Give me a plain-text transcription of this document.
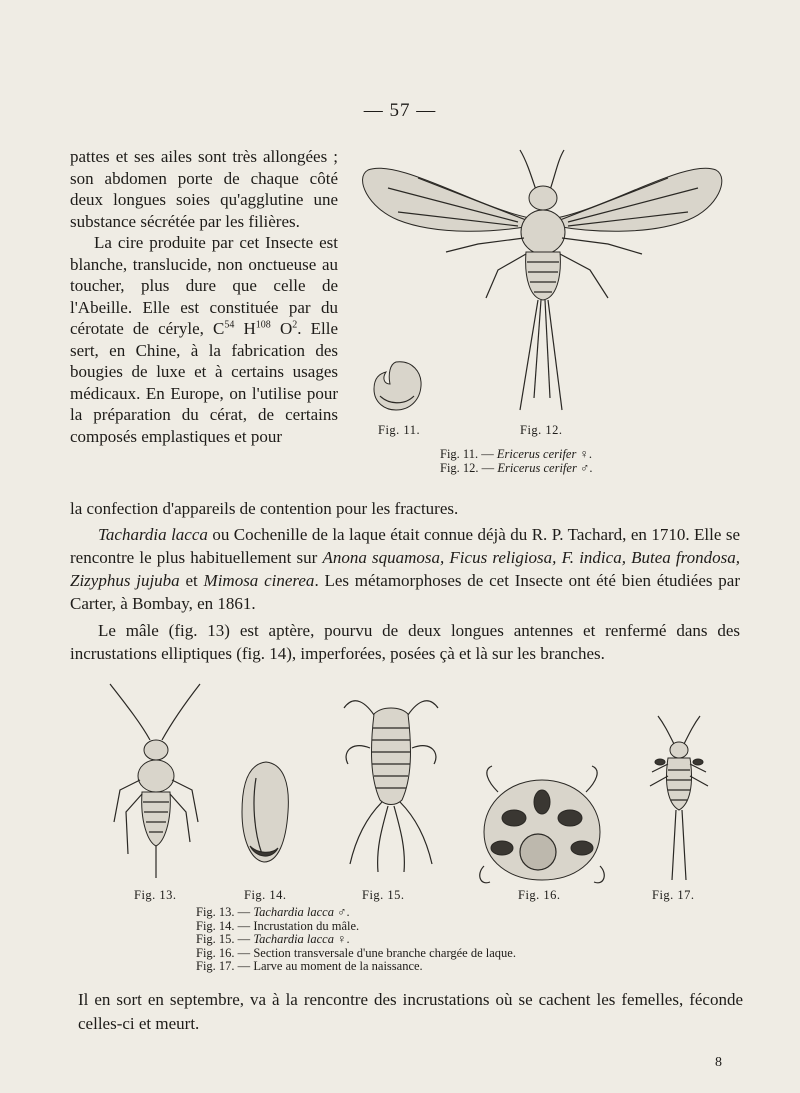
— 57 —

pattes et ses ailes sont très allongées ; son abdomen porte de chaque côté deux longues soies qu'agglutine une substance sécrétée par les filières.

La cire produite par cet Insecte est blanche, translucide, non onctueuse au toucher, plus dure que celle de l'Abeille. Elle est constituée par du cérotate de céryle, $C^{54}$ $H^{108}$ $O^2$. Elle sert, en Chine, à la fabrication des bougies de luxe et à certains usages médicaux. En Europe, on l'utilise pour la préparation du cérat, de certains composés emplastiques et pour	Fig. 11.	Fig. 12.
Fig. 11. — Ericerus cerifer ♀.
Fig. 12. — Ericerus cerifer ♂.
la confection d'appareils de contention pour les fractures.

Tachardia lacca ou Cochenille de la laque était connue déjà du R. P. Tachard, en 1710. Elle se rencontre le plus habituellement sur Anona squamosa, Ficus religiosa, F. indica, Butea frondosa, Zizyphus jujuba et Mimosa cinerea. Les métamorphoses de cet Insecte ont été bien étudiées par Carter, à Bombay, en 1861.

Le mâle (fig. 13) est aptère, pourvu de deux longues antennes et renfermé dans des incrustations elliptiques (fig. 14), imperforées, posées çà et là sur les branches.

Fig. 13.	Fig. 14.	Fig. 15.	Fig. 16.	Fig. 17.
Fig. 13. — Tachardia lacca ♂.
Fig. 14. — Incrustation du mâle.
Fig. 15. — Tachardia lacca ♀.
Fig. 16. — Section transversale d'une branche chargée de laque.
Fig. 17. — Larve au moment de la naissance.

Il en sort en septembre, va à la rencontre des incrustations où se cachent les femelles, féconde celles-ci et meurt.

8
